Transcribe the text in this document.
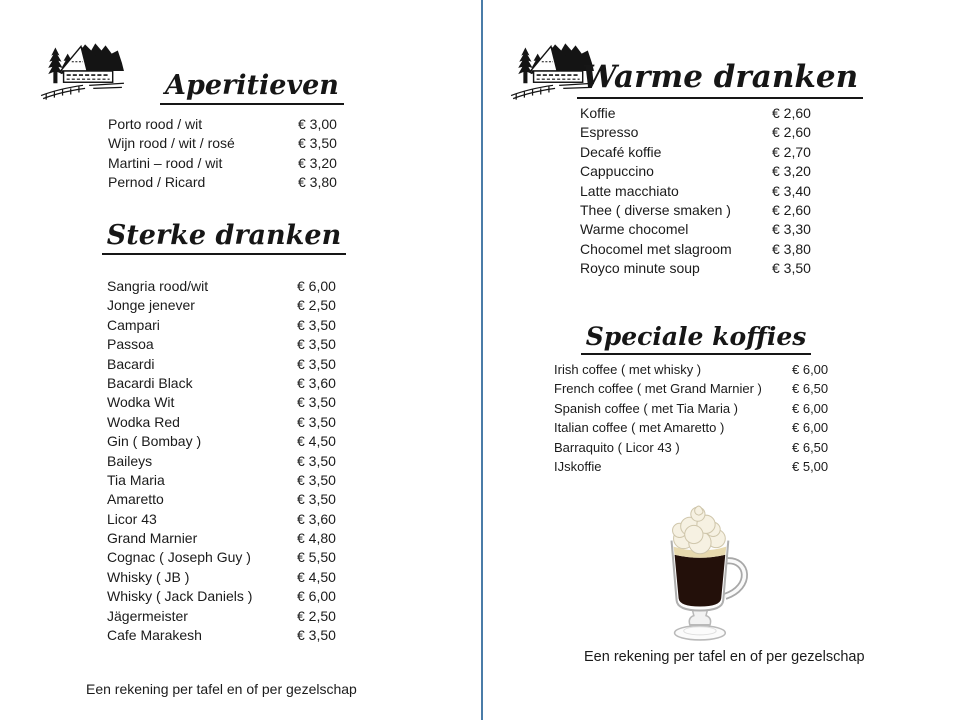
Aperitieven
Porto rood / wit	€ 3,00
Wijn rood / wit / rosé	€ 3,50
Martini – rood / wit	€ 3,20
Pernod / Ricard	€ 3,80
Sterke dranken
Sangria rood/wit	€ 6,00
Jonge jenever	€ 2,50
Campari	€ 3,50
Passoa	€ 3,50
Bacardi	€ 3,50
Bacardi Black	€ 3,60
Wodka Wit	€ 3,50
Wodka Red	€ 3,50
Gin ( Bombay )	€ 4,50
Baileys	€ 3,50
Tia Maria	€ 3,50
Amaretto	€ 3,50
Licor 43	€ 3,60
Grand Marnier	€ 4,80
Cognac ( Joseph Guy )	€ 5,50
Whisky ( JB )	€ 4,50
Whisky ( Jack Daniels )	€ 6,00
Jägermeister	€ 2,50
Cafe Marakesh	€ 3,50

Een rekening per tafel en of per gezelschap

Warme dranken
Koffie	€ 2,60
Espresso	€ 2,60
Decafé koffie	€ 2,70
Cappuccino	€ 3,20
Latte macchiato	€ 3,40
Thee ( diverse smaken )	€ 2,60
Warme chocomel	€ 3,30
Chocomel met slagroom	€ 3,80
Royco minute soup	€ 3,50
Speciale koffies
Irish coffee ( met whisky )	€ 6,00
French coffee ( met Grand Marnier ) € 6,50
Spanish coffee ( met Tia Maria )	€ 6,00
Italian coffee ( met Amaretto )	€ 6,00
Barraquito ( Licor 43 )	€ 6,50
IJskoffie	€ 5,00

Een rekening per tafel en of per gezelschap
